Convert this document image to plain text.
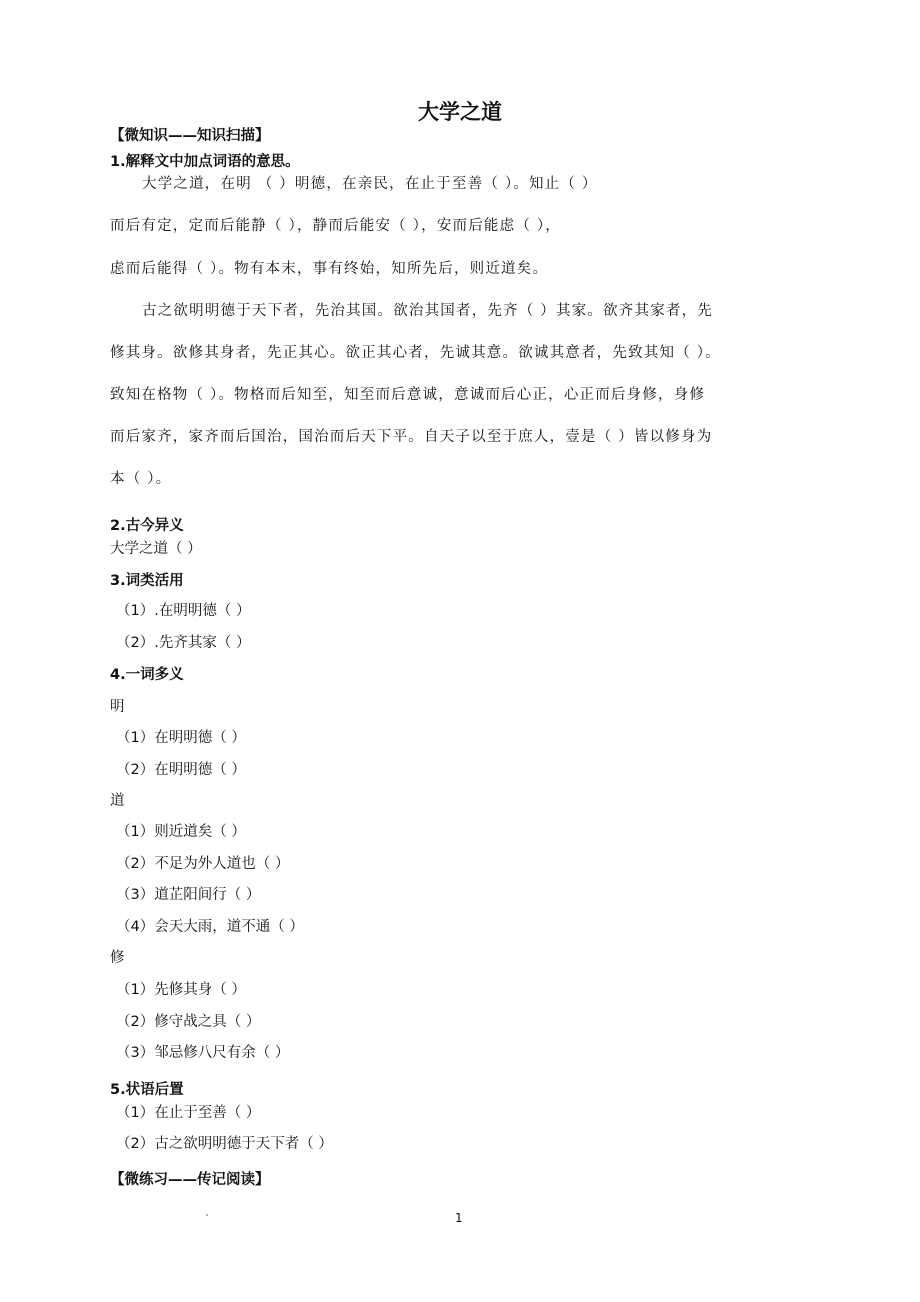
大学之道
【微知识——知识扫描】
1.解释文中加点词语的意思。
大学之道，在明 （ ）明德，在亲民，在止于至善（ ）。知止（ ）
而后有定，定而后能静（ ），静而后能安（ ），安而后能虑（ ），
虑而后能得（ ）。物有本末，事有终始，知所先后，则近道矣。
古之欲明明德于天下者，先治其国。欲治其国者，先齐（ ）其家。欲齐其家者，先
修其身。欲修其身者，先正其心。欲正其心者，先诚其意。欲诚其意者，先致其知（ ）。
致知在格物（ ）。物格而后知至，知至而后意诚，意诚而后心正，心正而后身修，身修
而后家齐，家齐而后国治，国治而后天下平。自天子以至于庶人，壹是（ ）皆以修身为
本（ ）。
2.古今异义
大学之道（ ）
3.词类活用
（1）.在明明德（ ）
（2）.先齐其家（ ）
4.一词多义
明
（1）在明明德（ ）
（2）在明明德（ ）
道
（1）则近道矣（ ）
（2）不足为外人道也（ ）
（3）道芷阳间行（ ）
（4）会天大雨，道不通（ ）
修
（1）先修其身（ ）
（2）修守战之具（ ）
（3）邹忌修八尺有余（ ）
5.状语后置
（1）在止于至善（ ）
（2）古之欲明明德于天下者（ ）
【微练习——传记阅读】
1
